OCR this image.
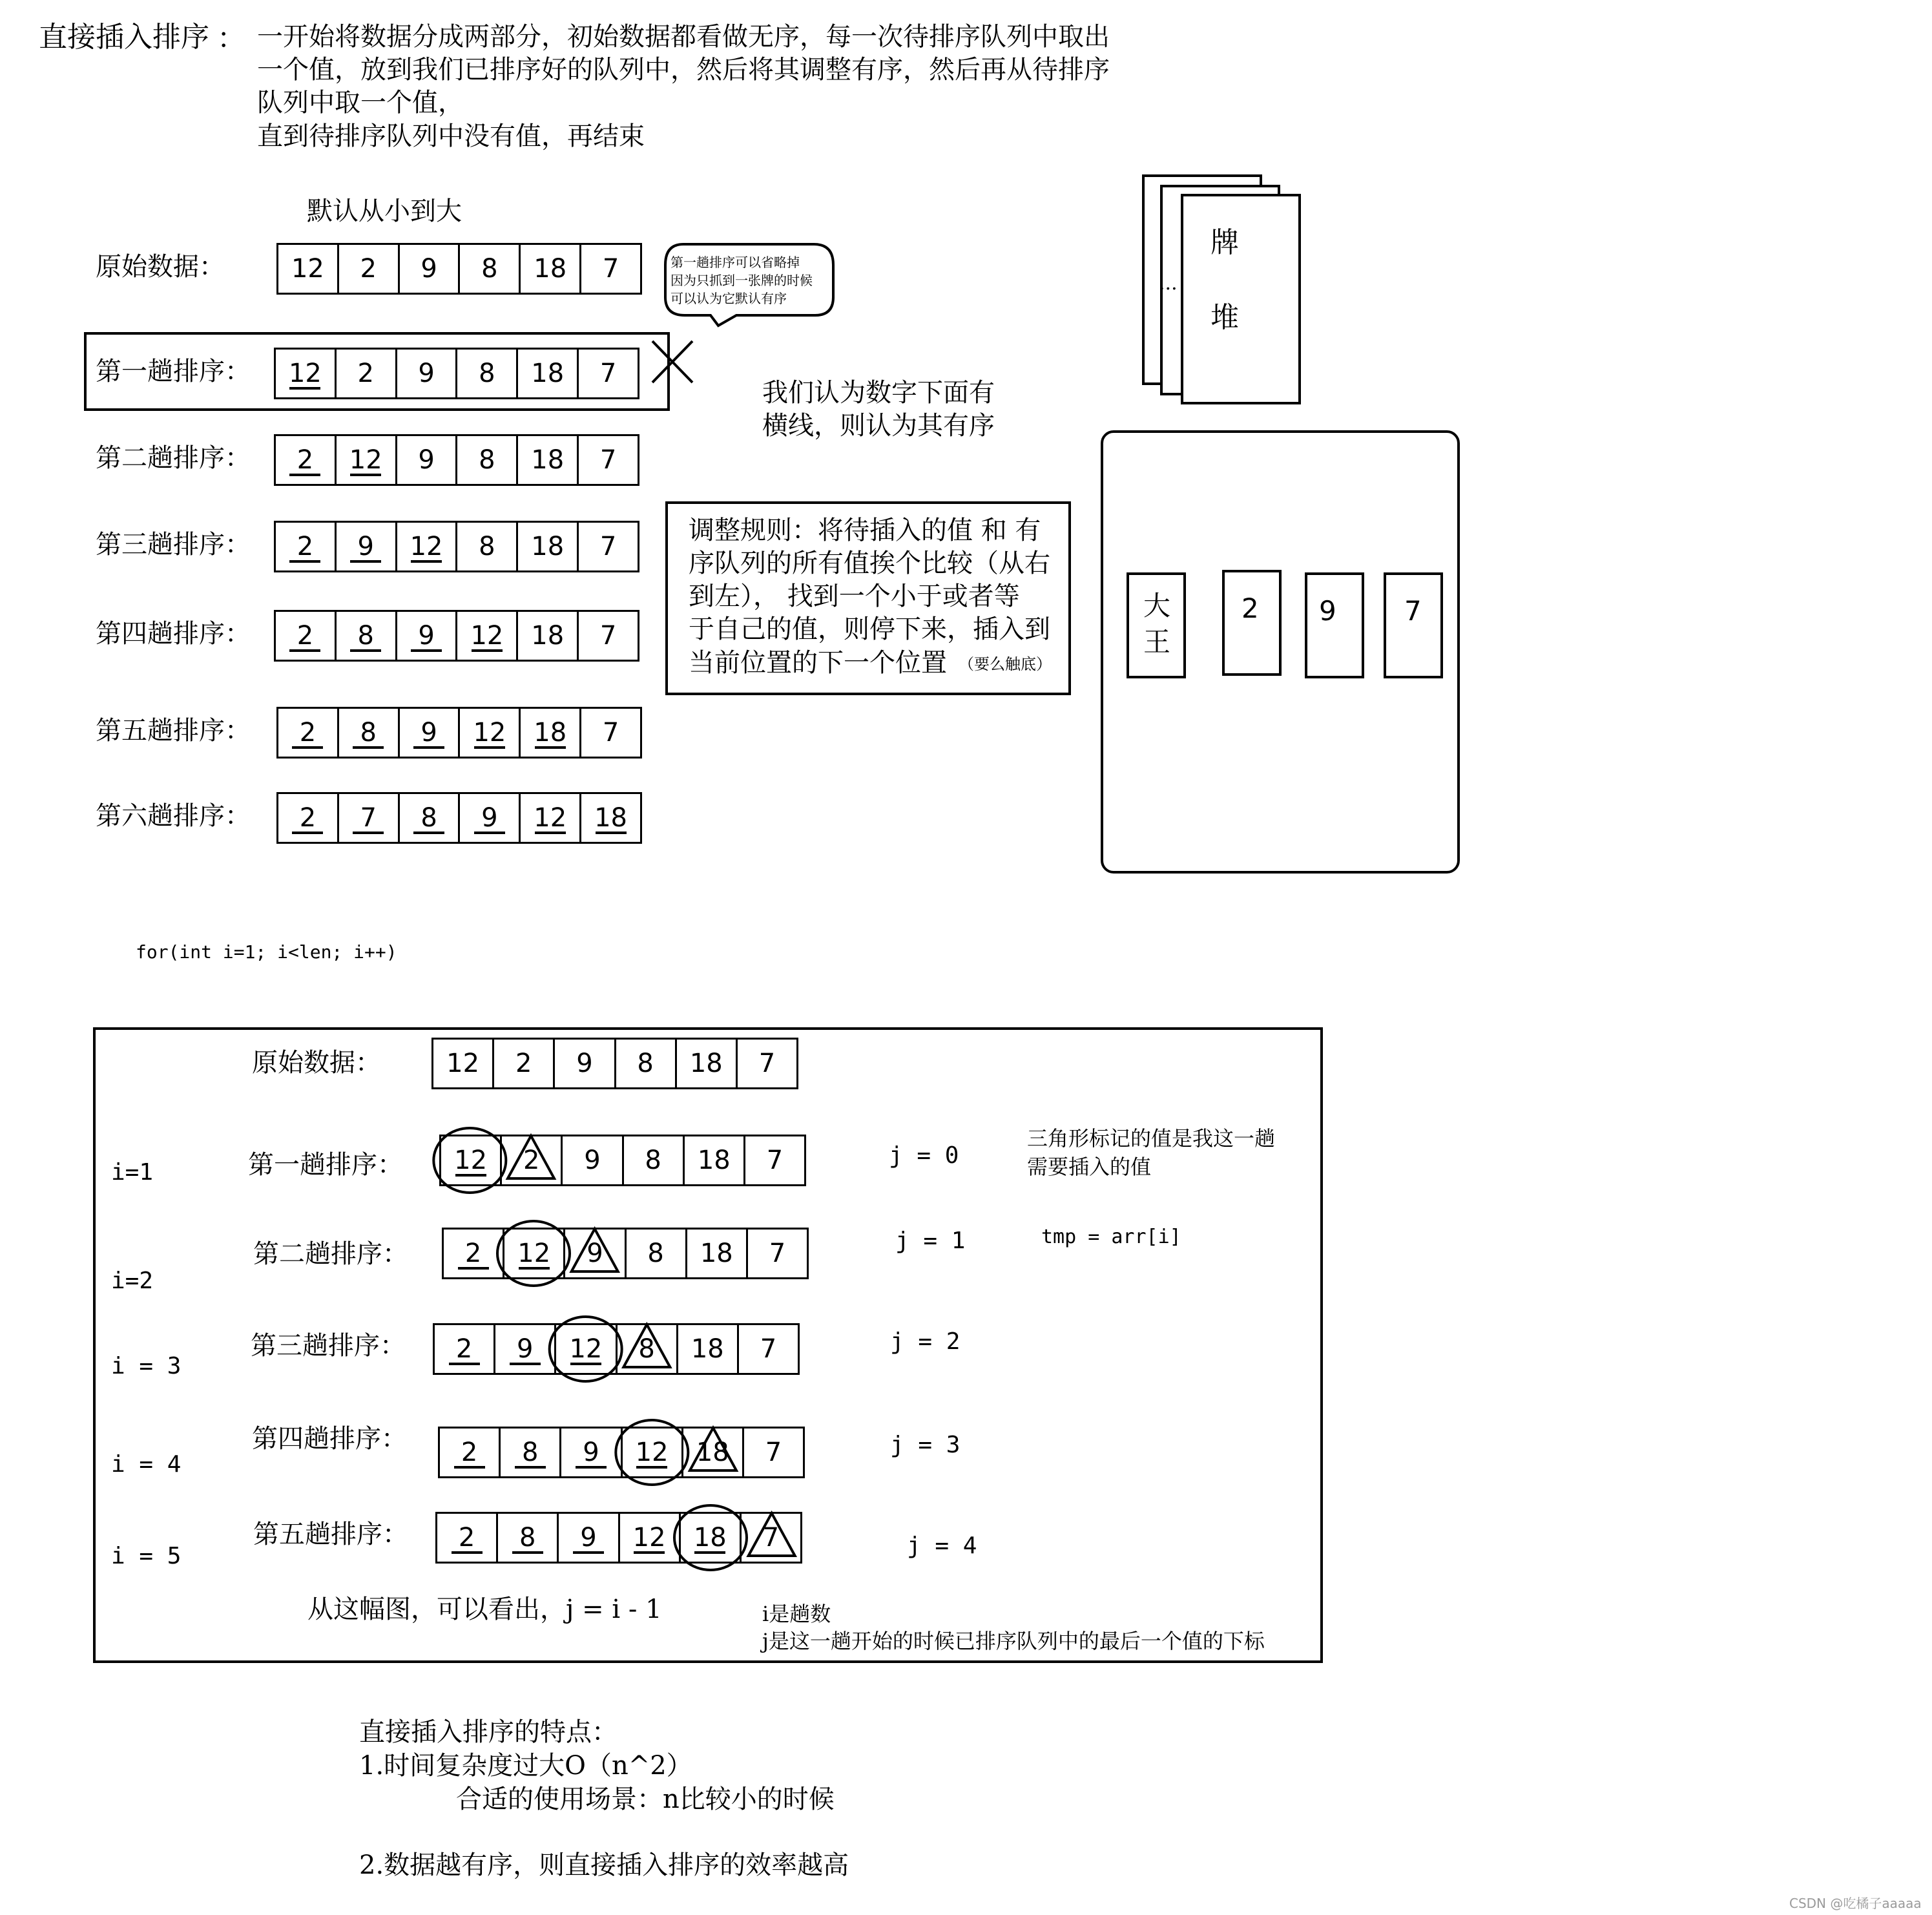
直接插入排序 ： 一开始将数据分成两部分，初始数据都看做无序，每一次待排序队列中取出
一个值，放到我们已排序好的队列中，然后将其调整有序，然后再从待排序
队列中取一个值，
直到待排序队列中没有值，再结束
默认从小到大
原始数据：	12 2 9 8 18 7
第一趟排序： 12 2 9 8 18 7
第二趟排序： 2 12 9 8 18 7
第三趟排序： 2 9 12 8 18 7
第四趟排序： 2 8 9 12 18 7
第五趟排序： 2 8 9 12 18 7
第六趟排序： 2 7 8 9 12 18
第一趟排序可以省略掉
因为只抓到一张牌的时候
可以认为它默认有序
我们认为数字下面有
横线，则认为其有序
调整规则：将待插入的值 和 有
序队列的所有值挨个比较（从右
到左）， 找到一个小于或者等
于自己的值，则停下来，插入到
当前位置的下一个位置 （要么触底）
牌
堆
...
大
王
2 9	7
for(int i=1; i<len; i++)
原始数据：	12 2 9 8 18 7
i=1	第一趟排序： 12 2 9 8 18 7	j = 0
i=2
第二趟排序： 2 12 9 8 18 7	j = 1
i = 3
第三趟排序： 2 9 12 8 18 7	j = 2
i = 4
第四趟排序： 2 8 9 12 18 7	j = 3
i = 5
第五趟排序： 2 8 9 12 18 7	j = 4
三角形标记的值是我这一趟
需要插入的值
tmp = arr[i]
从这幅图，可以看出，j = i - 1	i是趟数
j是这一趟开始的时候已排序队列中的最后一个值的下标
直接插入排序的特点：
1.时间复杂度过大O（n^2）
合适的使用场景：n比较小的时候
2.数据越有序，则直接插入排序的效率越高
CSDN @吃橘子aaaaa
